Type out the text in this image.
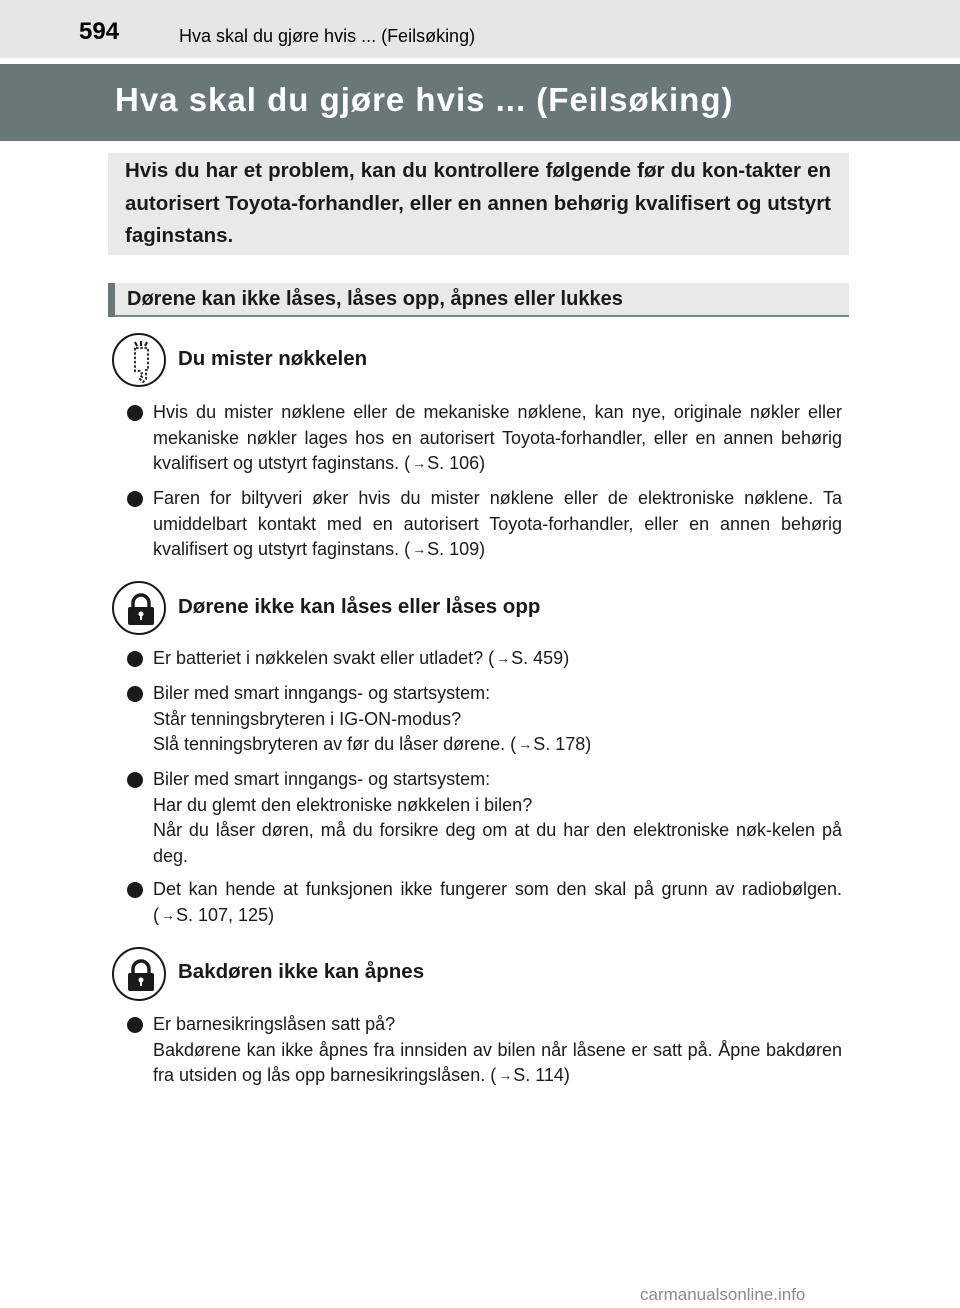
594	Hva skal du gjøre hvis ... (Feilsøking)
Hva skal du gjøre hvis ... (Feilsøking)
Hvis du har et problem, kan du kontrollere følgende før du kon-takter en autorisert Toyota-forhandler, eller en annen behørig kvalifisert og utstyrt faginstans.
Dørene kan ikke låses, låses opp, åpnes eller lukkes
Du mister nøkkelen
Hvis du mister nøklene eller de mekaniske nøklene, kan nye, originale nøkler eller mekaniske nøkler lages hos en autorisert Toyota-forhandler, eller en annen behørig kvalifisert og utstyrt faginstans. ( →S. 106)
Faren for biltyveri øker hvis du mister nøklene eller de elektroniske nøklene. Ta umiddelbart kontakt med en autorisert Toyota-forhandler, eller en annen behørig kvalifisert og utstyrt faginstans. ( →S. 109)
Dørene ikke kan låses eller låses opp
Er batteriet i nøkkelen svakt eller utladet? ( →S. 459)
Biler med smart inngangs- og startsystem:
Står tenningsbryteren i IG-ON-modus?
Slå tenningsbryteren av før du låser dørene. ( →S. 178)
Biler med smart inngangs- og startsystem:
Har du glemt den elektroniske nøkkelen i bilen?
Når du låser døren, må du forsikre deg om at du har den elektroniske nøk-kelen på deg.
Det kan hende at funksjonen ikke fungerer som den skal på grunn av radiobølgen. ( →S. 107, 125)
Bakdøren ikke kan åpnes
Er barnesikringslåsen satt på?
Bakdørene kan ikke åpnes fra innsiden av bilen når låsene er satt på. Åpne bakdøren fra utsiden og lås opp barnesikringslåsen. ( →S. 114)
carmanualsonline.info
